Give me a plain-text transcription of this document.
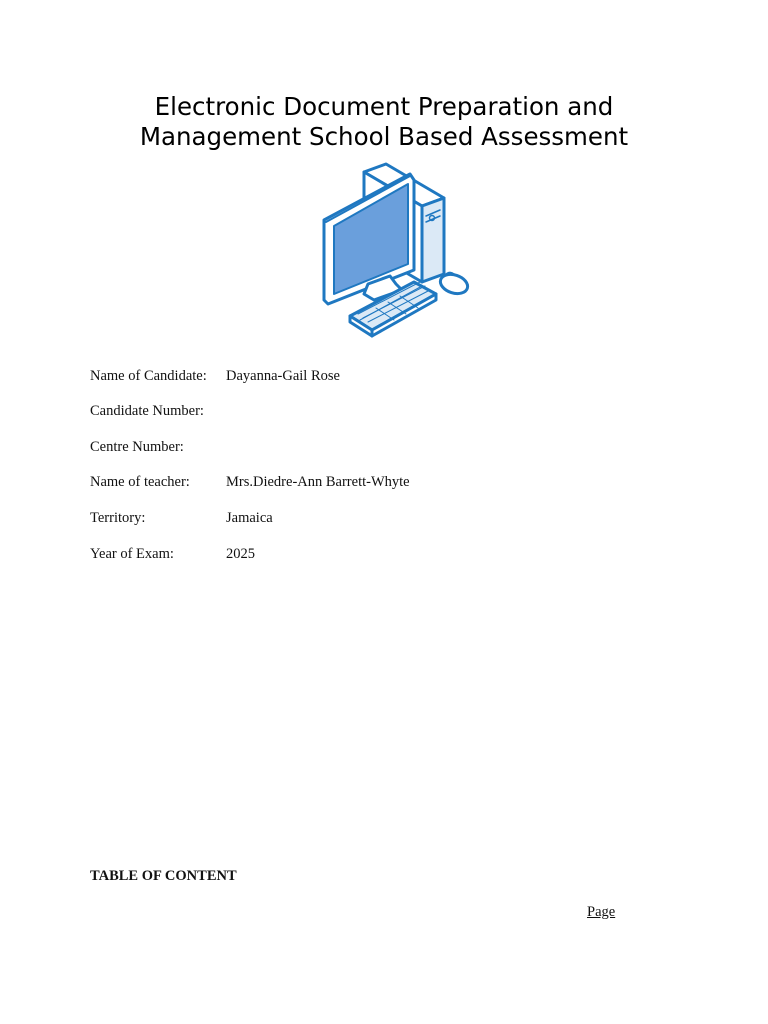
Electronic Document Preparation and
Management School Based Assessment
Name of Candidate: Dayanna-Gail Rose
Candidate Number:
Centre Number:
Name of teacher: Mrs.Diedre-Ann Barrett-Whyte
Territory:	Jamaica
Year of Exam:	2025
TABLE OF CONTENT
Page
